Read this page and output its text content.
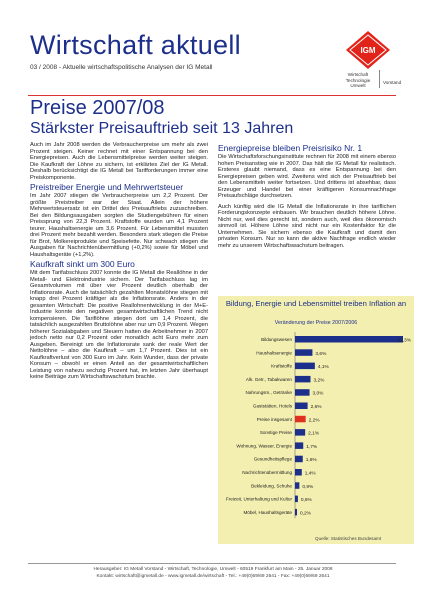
Wirtschaft aktuell
03 / 2008 - Aktuelle wirtschaftspolitische Analysen der IG Metall
IGM
Wirtschaft
Technologie
Umwelt
Vorstand
Preise 2007/08
Stärkster Preisauftrieb seit 13 Jahren

Auch im Jahr 2008 werden die Verbraucherpreise um mehr als zwei Prozent steigen. Keiner rechnet mit einer Entspannung bei den Energiepreisen. Auch die Lebensmittelpreise werden weiter steigen. Die Kaufkraft der Löhne zu sichern, ist erklärtes Ziel der IG Metall. Deshalb berücksichtigt die IG Metall bei Tarifforderungen immer eine Preiskomponente.

Preistreiber Energie und Mehrwertsteuer

Im Jahr 2007 stiegen die Verbraucherpreise um 2,2 Prozent. Der größte Preistreiber war der Staat. Allein der höhere Mehrwertsteuersatz ist ein Drittel des Preisauftriebs zuzuschreiben. Bei den Bildungsausgaben sorgten die Studiengebühren für einen Preissprung von 22,3 Prozent. Kraftstoffe wurden um 4,1 Prozent teurer. Haushaltsenergie um 3,6 Prozent. Für Lebensmittel mussten drei Prozent mehr bezahlt werden. Besonders stark stiegen die Preise für Brot, Molkereiprodukte und Speisefette. Nur schwach stiegen die Ausgaben für Nachrichtenübermittlung (+0,2%) sowie für Möbel und Haushaltsgeräte (+1,2%).

Kaufkraft sinkt um 300 Euro

Mit dem Tarifabschluss 2007 konnte die IG Metall die Reallöhne in der Metall- und Elektroindustrie sichern. Der Tarifabschluss lag im Gesamtvolumen mit über vier Prozent deutlich oberhalb der Inflationsrate. Auch die tatsächlich gezahlten Monatslöhne stiegen mit knapp drei Prozent kräftiger als die Inflationsrate. Anders in der gesamten Wirtschaft: Die positive Reallohnentwicklung in der M+E-Industrie konnte den negativen gesamtwirtschaftlichen Trend nicht kompensieren. Die Tariflöhne stiegen dort um 1,4 Prozent, die tatsächlich ausgezahlten Bruttolöhne aber nur um 0,9 Prozent. Wegen höherer Sozialabgaben und Steuern hatten die Arbeitnehmer in 2007 jedoch netto nur 0,2 Prozent oder monatlich acht Euro mehr zum Ausgeben. Bereinigt um die Inflationsrate sank der reale Wert der Nettolöhne – also die Kaufkraft – um 1,7 Prozent. Dies ist ein Kaufkraftverlust von 300 Euro im Jahr. Kein Wunder, dass der private Konsum – obwohl er einen Anteil an der gesamtwirtschaftlichen Leistung von nahezu sechzig Prozent hat, im letzten Jahr überhaupt keine Beiträge zum Wirtschaftswachstum brachte.

Energiepreise bleiben Preisrisiko Nr. 1

Die Wirtschaftsforschungsinstitute rechnen für 2008 mit einem ebenso hohen Preisanstieg wie in 2007. Das hält die IG Metall für realistisch. Ersteres glaubt niemand, dass es eine Entspannung bei den Energiepreisen geben wird. Zweitens wird sich der Preisauftrieb bei den Lebensmitteln weiter fortsetzen. Und drittens ist absehbar, dass Erzeuger und Handel bei einer kräftigeren Konsumnachfrage Preisaufschläge durchsetzen.

Auch künftig wird die IG Metall die Inflationsrate in ihre tariflichen Forderungskonzepte einbauen. Wir brauchen deutlich höhere Löhne. Nicht nur, weil dies gerecht ist, sondern auch, weil dies ökonomisch sinnvoll ist. Höhere Löhne sind nicht nur ein Kostenfaktor für die Unternehmen. Sie sichern ebenso die Kaufkraft und damit den privaten Konsum. Nur so kann die aktive Nachfrage endlich wieder mehr zu unserem Wirtschaftswachstum beitragen.

Bildungswesen	22,3%
Haushaltsenergie	3,6%
Kraftstoffe	4,1%
Alk. Getr., Tabakwaren	3,2%
Nahrungsm., Getränke	3,0%
Gaststätten, Hotels	2,6%
Preise insgesamt	2,2%
Sonstige Preise	2,1%
Wohnung, Wasser, Energie	1,7%
Gesundheitspflege	1,6%
Nachrichtenübermittlung	1,4%
Bekleidung, Schuhe 0,9%
Freizeit, Unterhaltung und Kultur 0,6%
Möbel, Haushaltsgeräte 0,2%
Bildung, Energie und Lebensmittel treiben Inflation an
Veränderung der Preise 2007/2006
Quelle: Statistisches Bundesamt
Herausgeber: IG Metall Vorstand - Wirtschaft, Technologie, Umwelt - 60519 Frankfurt am Main - 25. Januar 2008
Kontakt: wirtschaft@igmetall.de - www.igmetall.de/wirtschaft - Tel.: +49(0)69/69 2641 - Fax: +49(0)69/69 2641
